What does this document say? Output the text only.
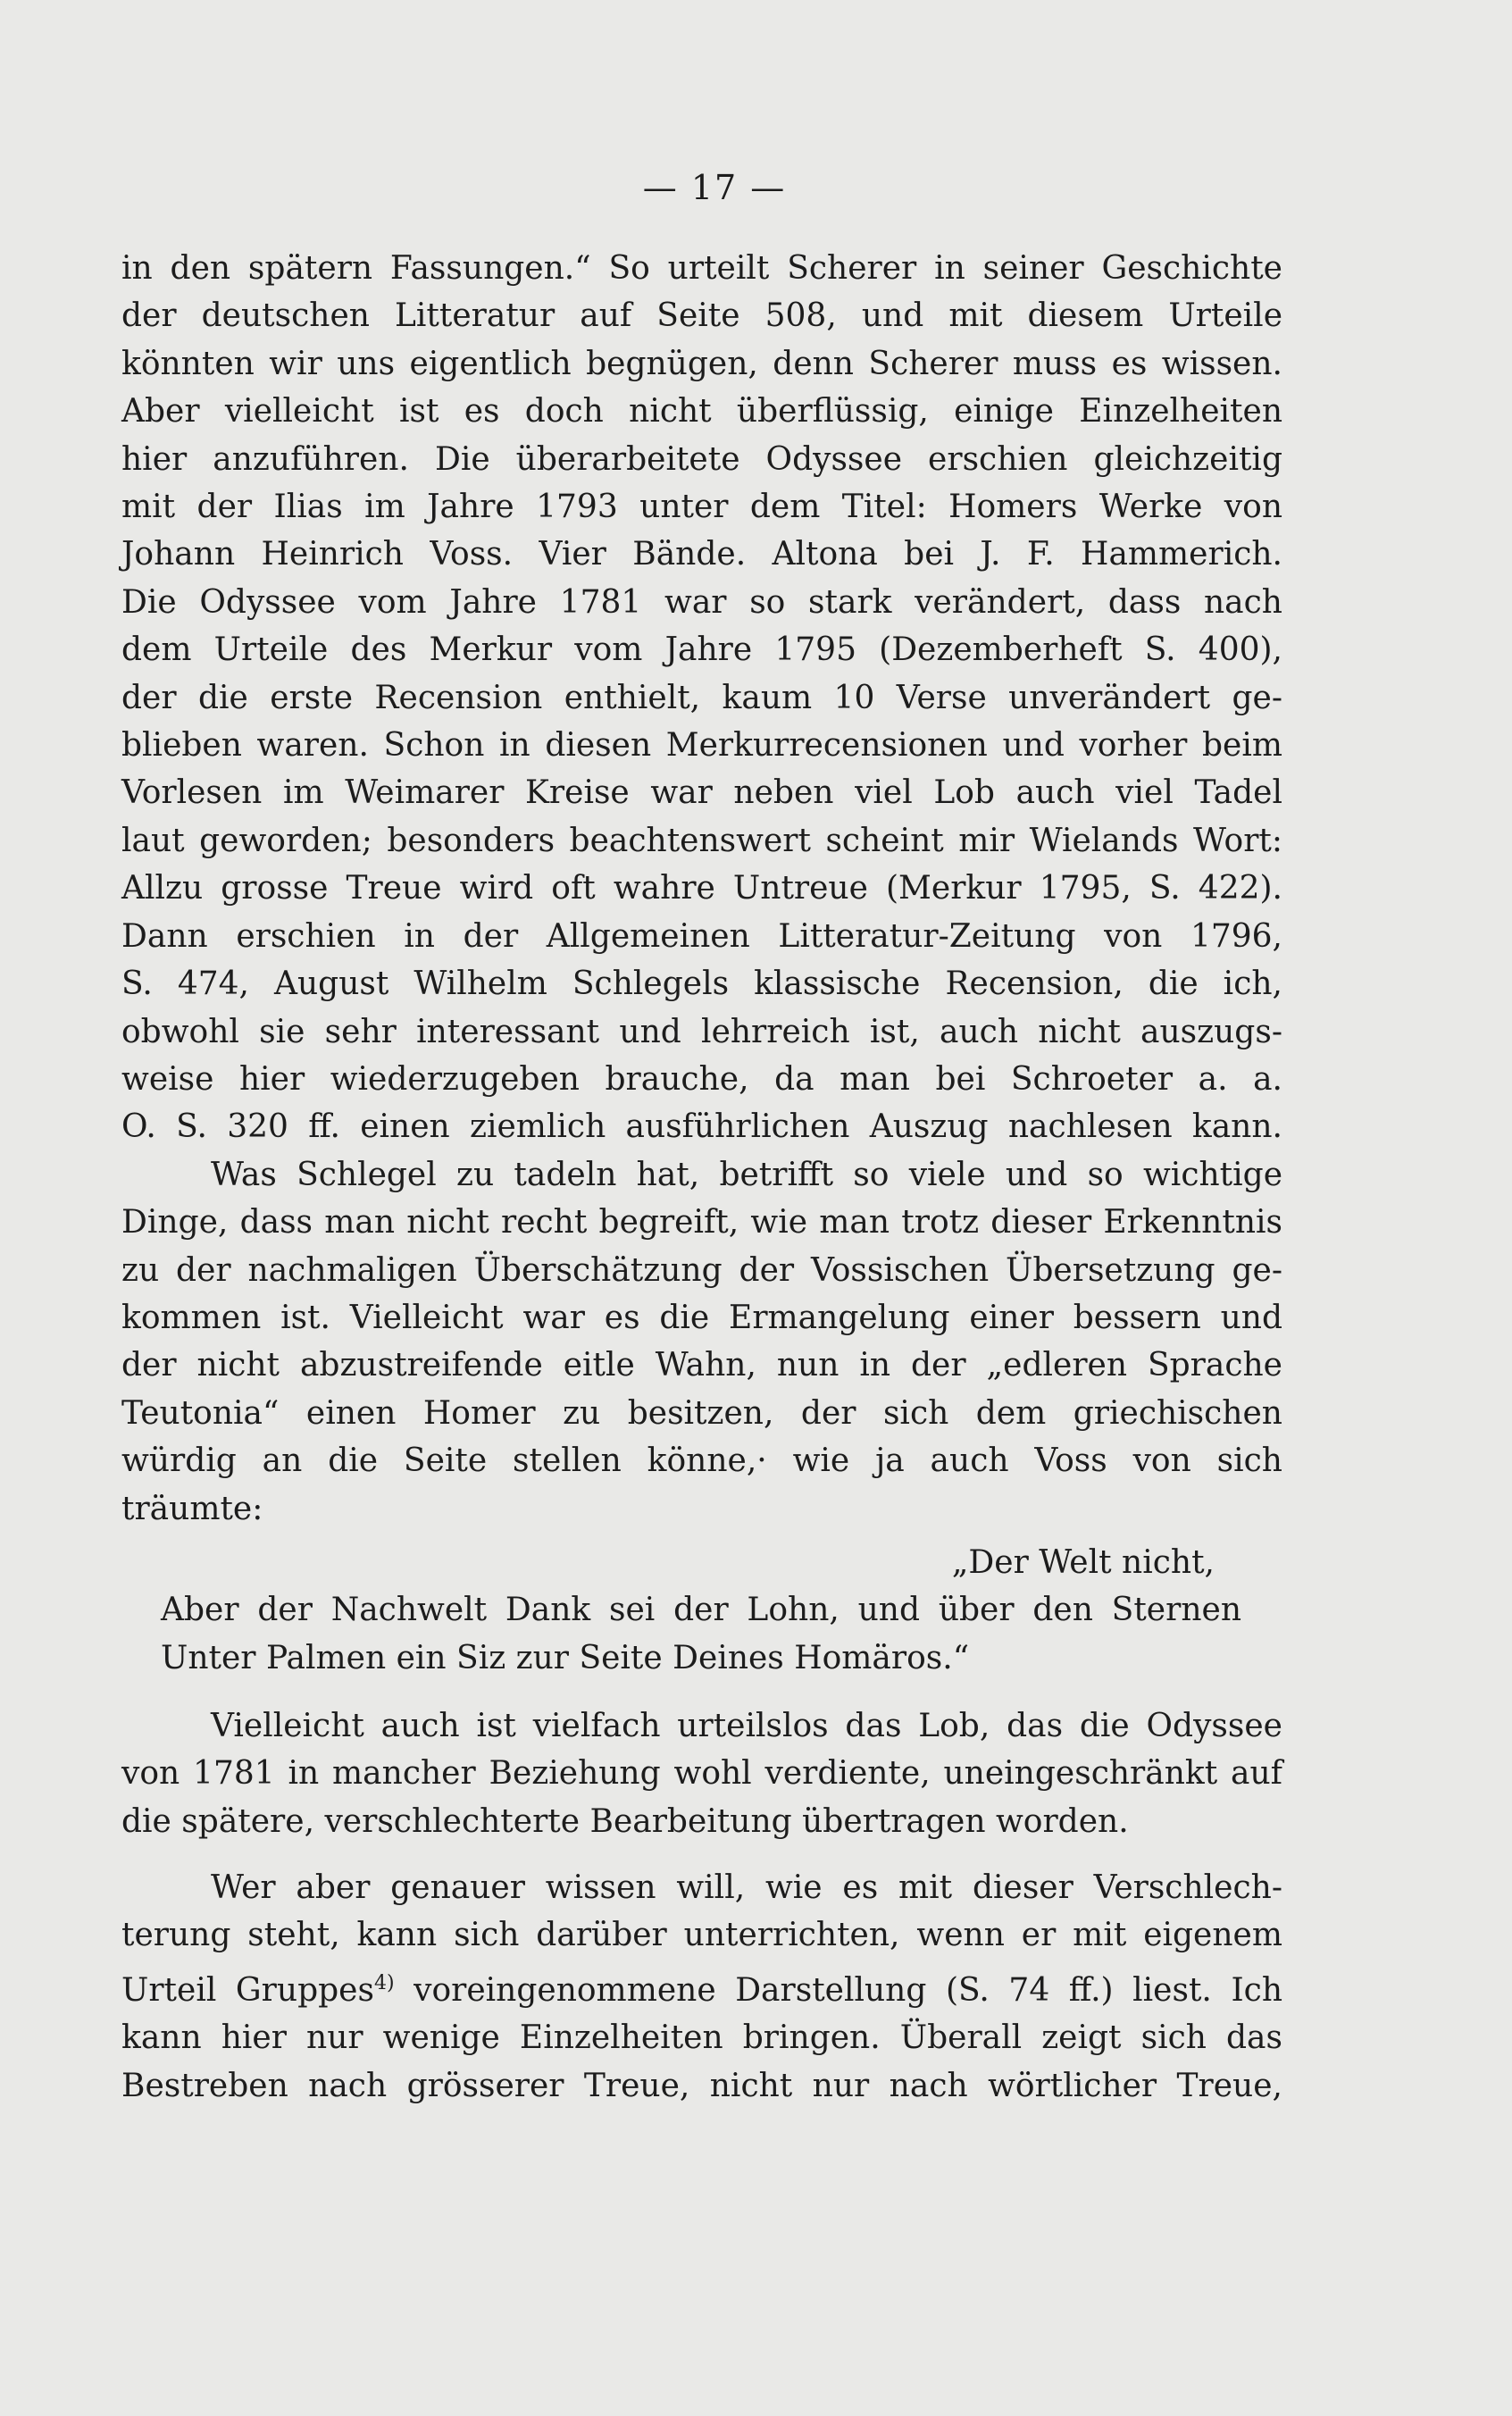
— 17 —
in den spätern Fassungen.“ So urteilt Scherer in seiner Geschichte
der deutschen Litteratur auf Seite 508, und mit diesem Urteile
könnten wir uns eigentlich begnügen, denn Scherer muss es wissen.
Aber vielleicht ist es doch nicht überflüssig, einige Einzelheiten
hier anzuführen. Die überarbeitete Odyssee erschien gleichzeitig
mit der Ilias im Jahre 1793 unter dem Titel: Homers Werke von
Johann Heinrich Voss. Vier Bände. Altona bei J. F. Hammerich.
Die Odyssee vom Jahre 1781 war so stark verändert, dass nach
dem Urteile des Merkur vom Jahre 1795 (Dezemberheft S. 400),
der die erste Recension enthielt, kaum 10 Verse unverändert ge-
blieben waren. Schon in diesen Merkurrecensionen und vorher beim
Vorlesen im Weimarer Kreise war neben viel Lob auch viel Tadel
laut geworden; besonders beachtenswert scheint mir Wielands Wort:
Allzu grosse Treue wird oft wahre Untreue (Merkur 1795, S. 422).
Dann erschien in der Allgemeinen Litteratur-Zeitung von 1796,
S. 474, August Wilhelm Schlegels klassische Recension, die ich,
obwohl sie sehr interessant und lehrreich ist, auch nicht auszugs-
weise hier wiederzugeben brauche, da man bei Schroeter a. a.
O. S. 320 ff. einen ziemlich ausführlichen Auszug nachlesen kann.
Was Schlegel zu tadeln hat, betrifft so viele und so wichtige
Dinge, dass man nicht recht begreift, wie man trotz dieser Erkenntnis
zu der nachmaligen Überschätzung der Vossischen Übersetzung ge-
kommen ist. Vielleicht war es die Ermangelung einer bessern und
der nicht abzustreifende eitle Wahn, nun in der „edleren Sprache
Teutonia“ einen Homer zu besitzen, der sich dem griechischen
würdig an die Seite stellen könne,· wie ja auch Voss von sich
träumte:
„Der Welt nicht,
Aber der Nachwelt Dank sei der Lohn, und über den Sternen
Unter Palmen ein Siz zur Seite Deines Homäros.“
Vielleicht auch ist vielfach urteilslos das Lob, das die Odyssee
von 1781 in mancher Beziehung wohl verdiente, uneingeschränkt auf
die spätere, verschlechterte Bearbeitung übertragen worden.
Wer aber genauer wissen will, wie es mit dieser Verschlech-
terung steht, kann sich darüber unterrichten, wenn er mit eigenem
Urteil Gruppes$^{4)}$ voreingenommene Darstellung (S. 74 ff.) liest. Ich
kann hier nur wenige Einzelheiten bringen. Überall zeigt sich das
Bestreben nach grösserer Treue, nicht nur nach wörtlicher Treue,
